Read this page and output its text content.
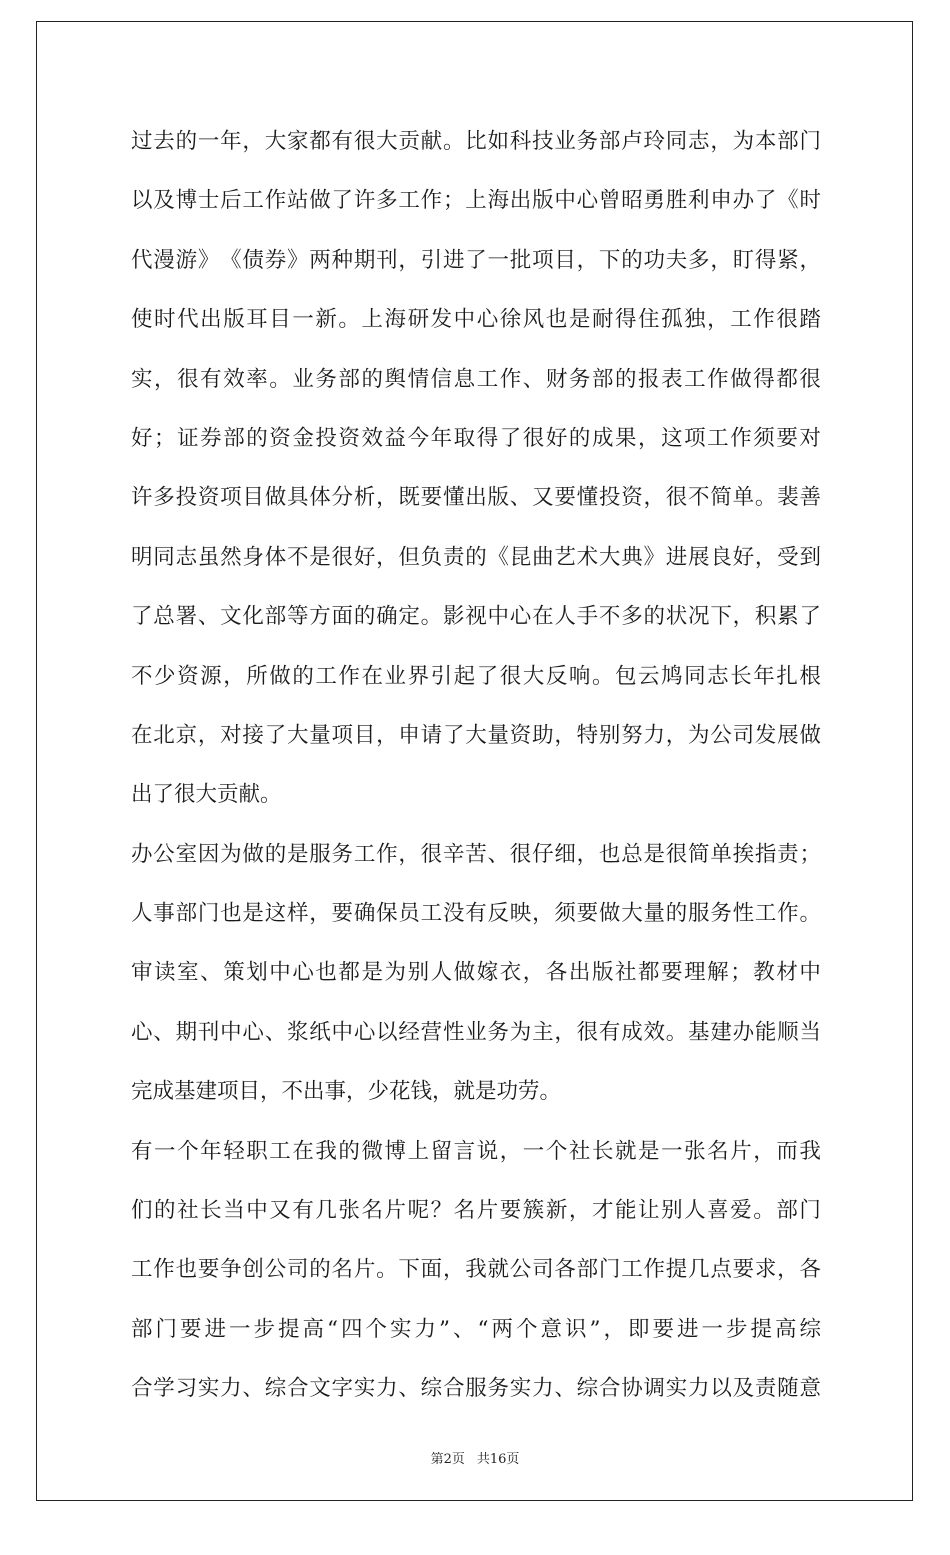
过 去 的 一 年 ， 大 家 都 有 很 大 贡 献 。 比 如 科 技 业 务 部 卢 玲 同 志 ， 为 本 部 门
以 及 博 士 后 工 作 站 做 了 许 多 工 作 ； 上 海 出 版 中 心 曾 昭 勇 胜 利 申 办 了 《 时
代 漫 游 》 《 债 券 》 两 种 期 刊 ， 引 进 了 一 批 项 目 ， 下 的 功 夫 多 ， 盯 得 紧 ，
使 时 代 出 版 耳 目 一 新 。 上 海 研 发 中 心 徐 风 也 是 耐 得 住 孤 独 ， 工 作 很 踏
实 ， 很 有 效 率 。 业 务 部 的 舆 情 信 息 工 作 、 财 务 部 的 报 表 工 作 做 得 都 很
好 ； 证 券 部 的 资 金 投 资 效 益 今 年 取 得 了 很 好 的 成 果 ， 这 项 工 作 须 要 对
许 多 投 资 项 目 做 具 体 分 析 ， 既 要 懂 出 版 、 又 要 懂 投 资 ， 很 不 简 单 。 裴 善
明 同 志 虽 然 身 体 不 是 很 好 ， 但 负 责 的 《 昆 曲 艺 术 大 典 》 进 展 良 好 ， 受 到
了 总 署 、 文 化 部 等 方 面 的 确 定 。 影 视 中 心 在 人 手 不 多 的 状 况 下 ， 积 累 了
不 少 资 源 ， 所 做 的 工 作 在 业 界 引 起 了 很 大 反 响 。 包 云 鸠 同 志 长 年 扎 根
在 北 京 ， 对 接 了 大 量 项 目 ， 申 请 了 大 量 资 助 ， 特 别 努 力 ， 为 公 司 发 展 做
出了很大贡献。
办 公 室 因 为 做 的 是 服 务 工 作 ， 很 辛 苦 、 很 仔 细 ， 也 总 是 很 简 单 挨 指 责 ；
人 事 部 门 也 是 这 样 ， 要 确 保 员 工 没 有 反 映 ， 须 要 做 大 量 的 服 务 性 工 作 。
审 读 室 、 策 划 中 心 也 都 是 为 别 人 做 嫁 衣 ， 各 出 版 社 都 要 理 解 ； 教 材 中
心 、 期 刊 中 心 、 浆 纸 中 心 以 经 营 性 业 务 为 主 ， 很 有 成 效 。 基 建 办 能 顺 当
完成基建项目，不出事，少花钱，就是功劳。
有 一 个 年 轻 职 工 在 我 的 微 博 上 留 言 说 ， 一 个 社 长 就 是 一 张 名 片 ， 而 我
们 的 社 长 当 中 又 有 几 张 名 片 呢 ？ 名 片 要 簇 新 ， 才 能 让 别 人 喜 爱 。 部 门
工 作 也 要 争 创 公 司 的 名 片 。 下 面 ， 我 就 公 司 各 部 门 工 作 提 几 点 要 求 ， 各
部 门 要 进 一 步 提 高 “ 四 个 实 力 ” 、 “ 两 个 意 识 ” ， 即 要 进 一 步 提 高 综
合 学 习 实 力 、 综 合 文 字 实 力 、 综 合 服 务 实 力 、 综 合 协 调 实 力 以 及 责 随 意
第2页 共16页
